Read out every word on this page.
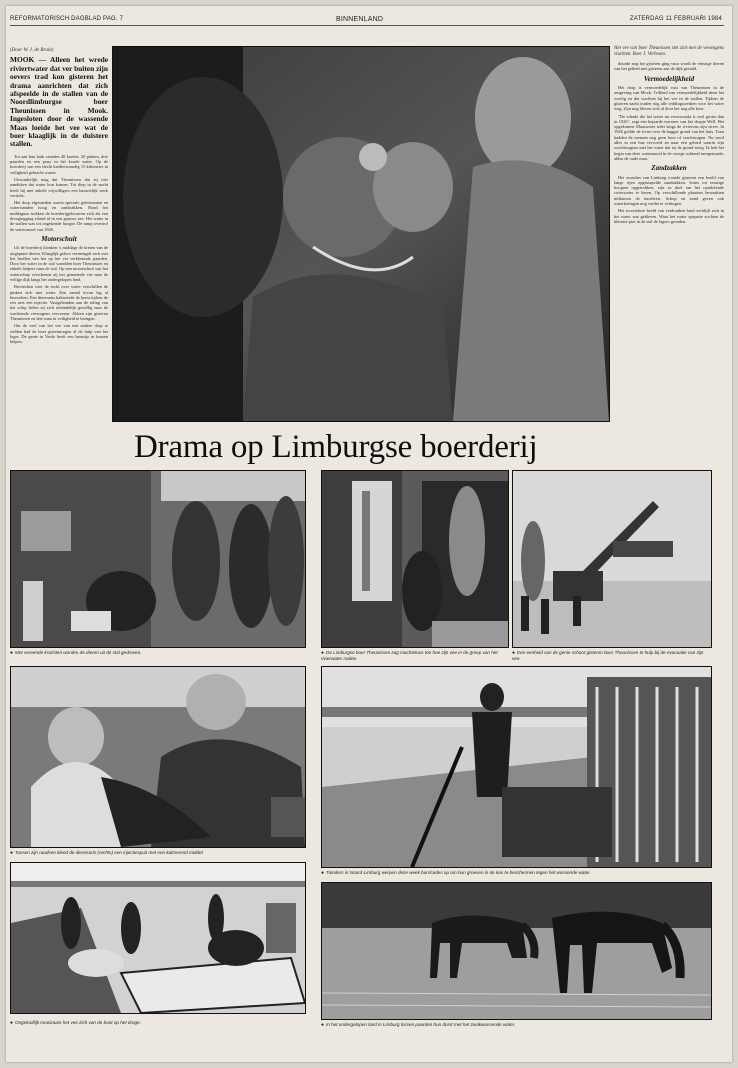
REFORMATORISCH DAGBLAD PAG. 7	BINNENLAND	ZATERDAG 11 FEBRUARI 1984
(Door W. J. de Bruin)
MOOK — Alleen het wrede riviertwater dat ver buiten zijn oevers trad kon gisteren het drama aanrichten dat zich afspeelde in de stallen van de Noordlimburgse boer Theunissen in Mook. Ingesloten door de wassende Maas loeide het vee wat de boer klaaglijk in de duistere stallen.

Tot aan hun buik stonden 40 koeien, 20 pinken, drie paarden en een pony in het koude water. Op de boerderij van een slecht kredietwaardig 15 kilometer in veiligheid gebracht waren.

Uitzonderlijk mag dat Theunissen dat zij niet aandoken dat water kon komen. Tot diep in de nacht heeft hij met enkele vrijwilligers een hasartelijk werk verricht.

Het dorp afgesneden waren speciale gebitsmaten en waterstanden hoog en zandzakken. Rond het middaguur trokken de boerderijgebouwen zich als een drooglegging eiland af in een grauwe zee. Het water in de stallen was tot ongekende hoogte. De ramp overtrof de watersnood van 1926.

Motorschuit

Uit de boerderij klonken 's middags de kreten van de uitgeputte dieren. Klaaglijk gelooi vermengde zich met het brullen van het op het vet verkleumde paarden. Door het water in de stal wandden boer Theunissen en enkele helpers naar de stal. Op een motorschuit van het waterschap verschenen zij het genoemde vee naar de veilige dijk langs het ondergelopen land.

Bovendien voer de tocht over water verschillen de pinken zich met water. Een aantal ervan lag al bezweken. Een dierenarts kalmeerde de beest tijdens de reis met een injectie. Vastgebonden aan de reling van het schip liefen zij zich uiteindelijk gewillig naar de wachtende veewagens vervoeren. Alleen zijn gisteren Theunissen en drie man in veiligheid te brengen.

Om de veel van het vee van een andere dorp te redden had de boer gistermorgen al de hulp van het leger. De genie in Venlo heeft een hamstje in komen helpen.

Het vee van boer Theunissen ziet zich met de veewagens vluchten. Boer J. Verboom.

duurde nog het gisteren ging vuur wordt de ernstige dieren van het gebied met gisteren aan de dijk gestald.

Vermoedelijkheid

Het dorp is vermoedelijk vast van Theunissen in de omgeving van Mook. Trillend van vermoedelijkheid doen het woelig en dat wachten bij het vee in de stallen. Tijdens de gisteren nacht traden nog alle reddingswerken voor het water weg. Zijn nog bleven zich al door het nog alle keer.

"De schade die het water nu veroorzaakt is veel groter dan in 1926", zegt een bejaarde inwoner van het dorpje Well. Het opgekomen Maaswater trekt langs de riviervan zijn oever. In 1926 golfde de rivier over de bagger grond van het huis. Toen hadden de mensen nog geen boot of vrachtwagen. Nu werd alles in een bus vervoerd en naar een gebied waarin zijn vrachtwagens met het water dat tot de grond steeg. Ik heb het begin van deze watersnood in de vroege ochtend meegemaakt, aldus de oude man.

Zandzakken

Het noorden van Limburg toonde gisteren een beeld van lange rijen opgestapelde zandzakken. Soms tot ernstige hoogten opgetrokken, zijn ze doel om het oprukkende rivierwater te keren. Op verschillende plaatsen bewaakten militairen de barrièren. Schop en zand geven ook waterkeringen nog verder te verhogen.

Het troosteloze beeld van verdronken land verblijft zich in het water wat gebleven. Waar het water opspatte zochten de kleinste pier in de stal de lagere gronden.

Drama op Limburgse boerderij
● Met vereende krachten worden de dieren uit de stal gedreven.	● De Limburgse boer Theunissen zag machteloos toe hoe zijn vee in de greep van het rivierwater raakte.
● Een eenheid van de genie schoot gisteren boer Theunissen te hulp bij de evacuatie van zijn vee.
● Tussen zijn raadsen kleed de dierenarts (rechts) een injectiespuit met een kalmerend middel.
● Tuinders in Noord-Limburg werpen deze week barricades op om hun groeven in de kas te beschermen tegen het wassende water.
● Ongelooflijk moeizaam het vee zich van de boot op het droge.	● In het ondergelopen land in Limburg lossen paarden hun dorst met het zwakwassende water.
